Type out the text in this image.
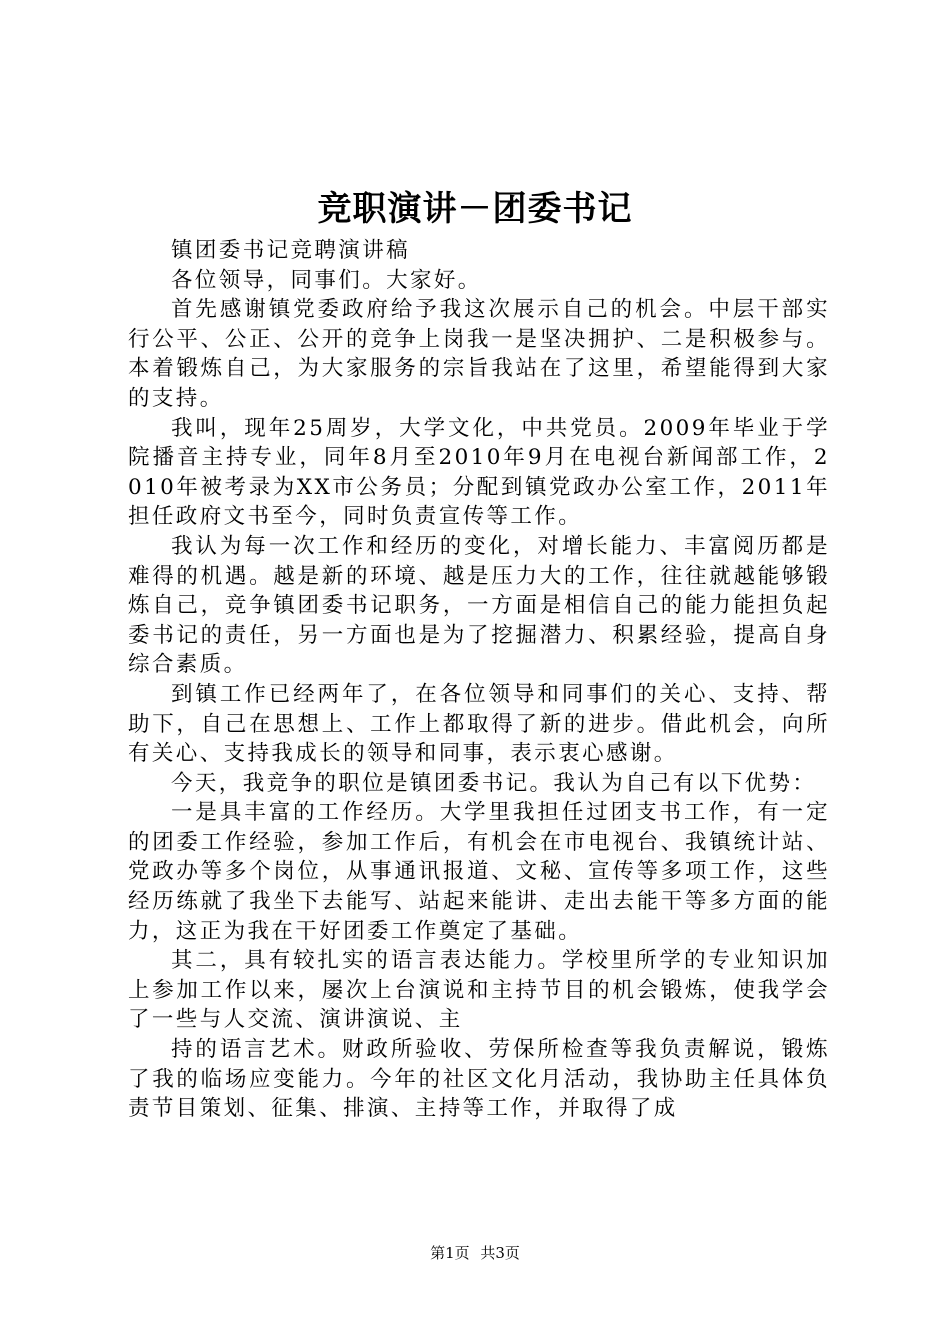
竞职演讲－团委书记

镇团委书记竞聘演讲稿

各位领导，同事们。大家好。

首先感谢镇党委政府给予我这次展示自己的机会。中层干部实行公平、公正、公开的竞争上岗我一是坚决拥护、二是积极参与。本着锻炼自己，为大家服务的宗旨我站在了这里，希望能得到大家的支持。

我叫，现年25周岁，大学文化，中共党员。2009年毕业于学院播音主持专业，同年8月至2010年9月在电视台新闻部工作，2010年被考录为XX市公务员；分配到镇党政办公室工作，2011年担任政府文书至今，同时负责宣传等工作。

我认为每一次工作和经历的变化，对增长能力、丰富阅历都是难得的机遇。越是新的环境、越是压力大的工作，往往就越能够锻炼自己，竞争镇团委书记职务，一方面是相信自己的能力能担负起委书记的责任，另一方面也是为了挖掘潜力、积累经验，提高自身综合素质。

到镇工作已经两年了，在各位领导和同事们的关心、支持、帮助下，自己在思想上、工作上都取得了新的进步。借此机会，向所有关心、支持我成长的领导和同事，表示衷心感谢。

今天，我竞争的职位是镇团委书记。我认为自己有以下优势：

一是具丰富的工作经历。大学里我担任过团支书工作，有一定的团委工作经验，参加工作后，有机会在市电视台、我镇统计站、党政办等多个岗位，从事通讯报道、文秘、宣传等多项工作，这些经历练就了我坐下去能写、站起来能讲、走出去能干等多方面的能力，这正为我在干好团委工作奠定了基础。

其二，具有较扎实的语言表达能力。学校里所学的专业知识加上参加工作以来，屡次上台演说和主持节目的机会锻炼，使我学会了一些与人交流、演讲演说、主

持的语言艺术。财政所验收、劳保所检查等我负责解说，锻炼了我的临场应变能力。今年的社区文化月活动，我协助主任具体负责节目策划、征集、排演、主持等工作，并取得了成

第1页 共3页
